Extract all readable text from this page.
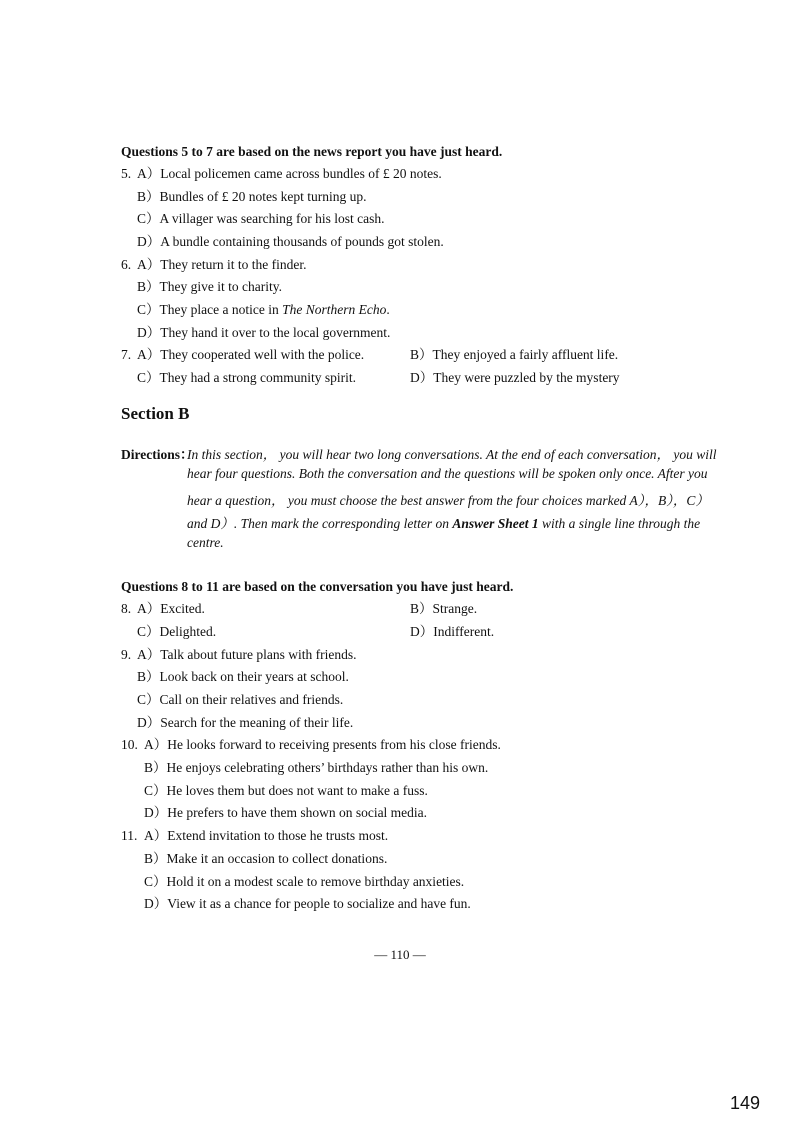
Questions 5 to 7 are based on the news report you have just heard.
5. A）Local policemen came across bundles of £ 20 notes.
B）Bundles of £ 20 notes kept turning up.
C）A villager was searching for his lost cash.
D）A bundle containing thousands of pounds got stolen.
6. A）They return it to the finder.
B）They give it to charity.
C）They place a notice in The Northern Echo.
D）They hand it over to the local government.
7. A）They cooperated well with the police.	B）They enjoyed a fairly affluent life.
C）They had a strong community spirit.	D）They were puzzled by the mystery
Section B
Directions：
In this section， you will hear two long conversations. At the end of each conversation， you will
hear four questions. Both the conversation and the questions will be spoken only once. After you
hear a question， you must choose the best answer from the four choices marked A），B），C）
and D）. Then mark the corresponding letter on Answer Sheet 1 with a single line through the
centre.
Questions 8 to 11 are based on the conversation you have just heard.
8. A）Excited.	B）Strange.
C）Delighted.	D）Indifferent.
9. A）Talk about future plans with friends.
B）Look back on their years at school.
C）Call on their relatives and friends.
D）Search for the meaning of their life.
10. A）He looks forward to receiving presents from his close friends.
B）He enjoys celebrating others’ birthdays rather than his own.
C）He loves them but does not want to make a fuss.
D）He prefers to have them shown on social media.
11. A）Extend invitation to those he trusts most.
B）Make it an occasion to collect donations.
C）Hold it on a modest scale to remove birthday anxieties.
D）View it as a chance for people to socialize and have fun.
— 110 —
149
